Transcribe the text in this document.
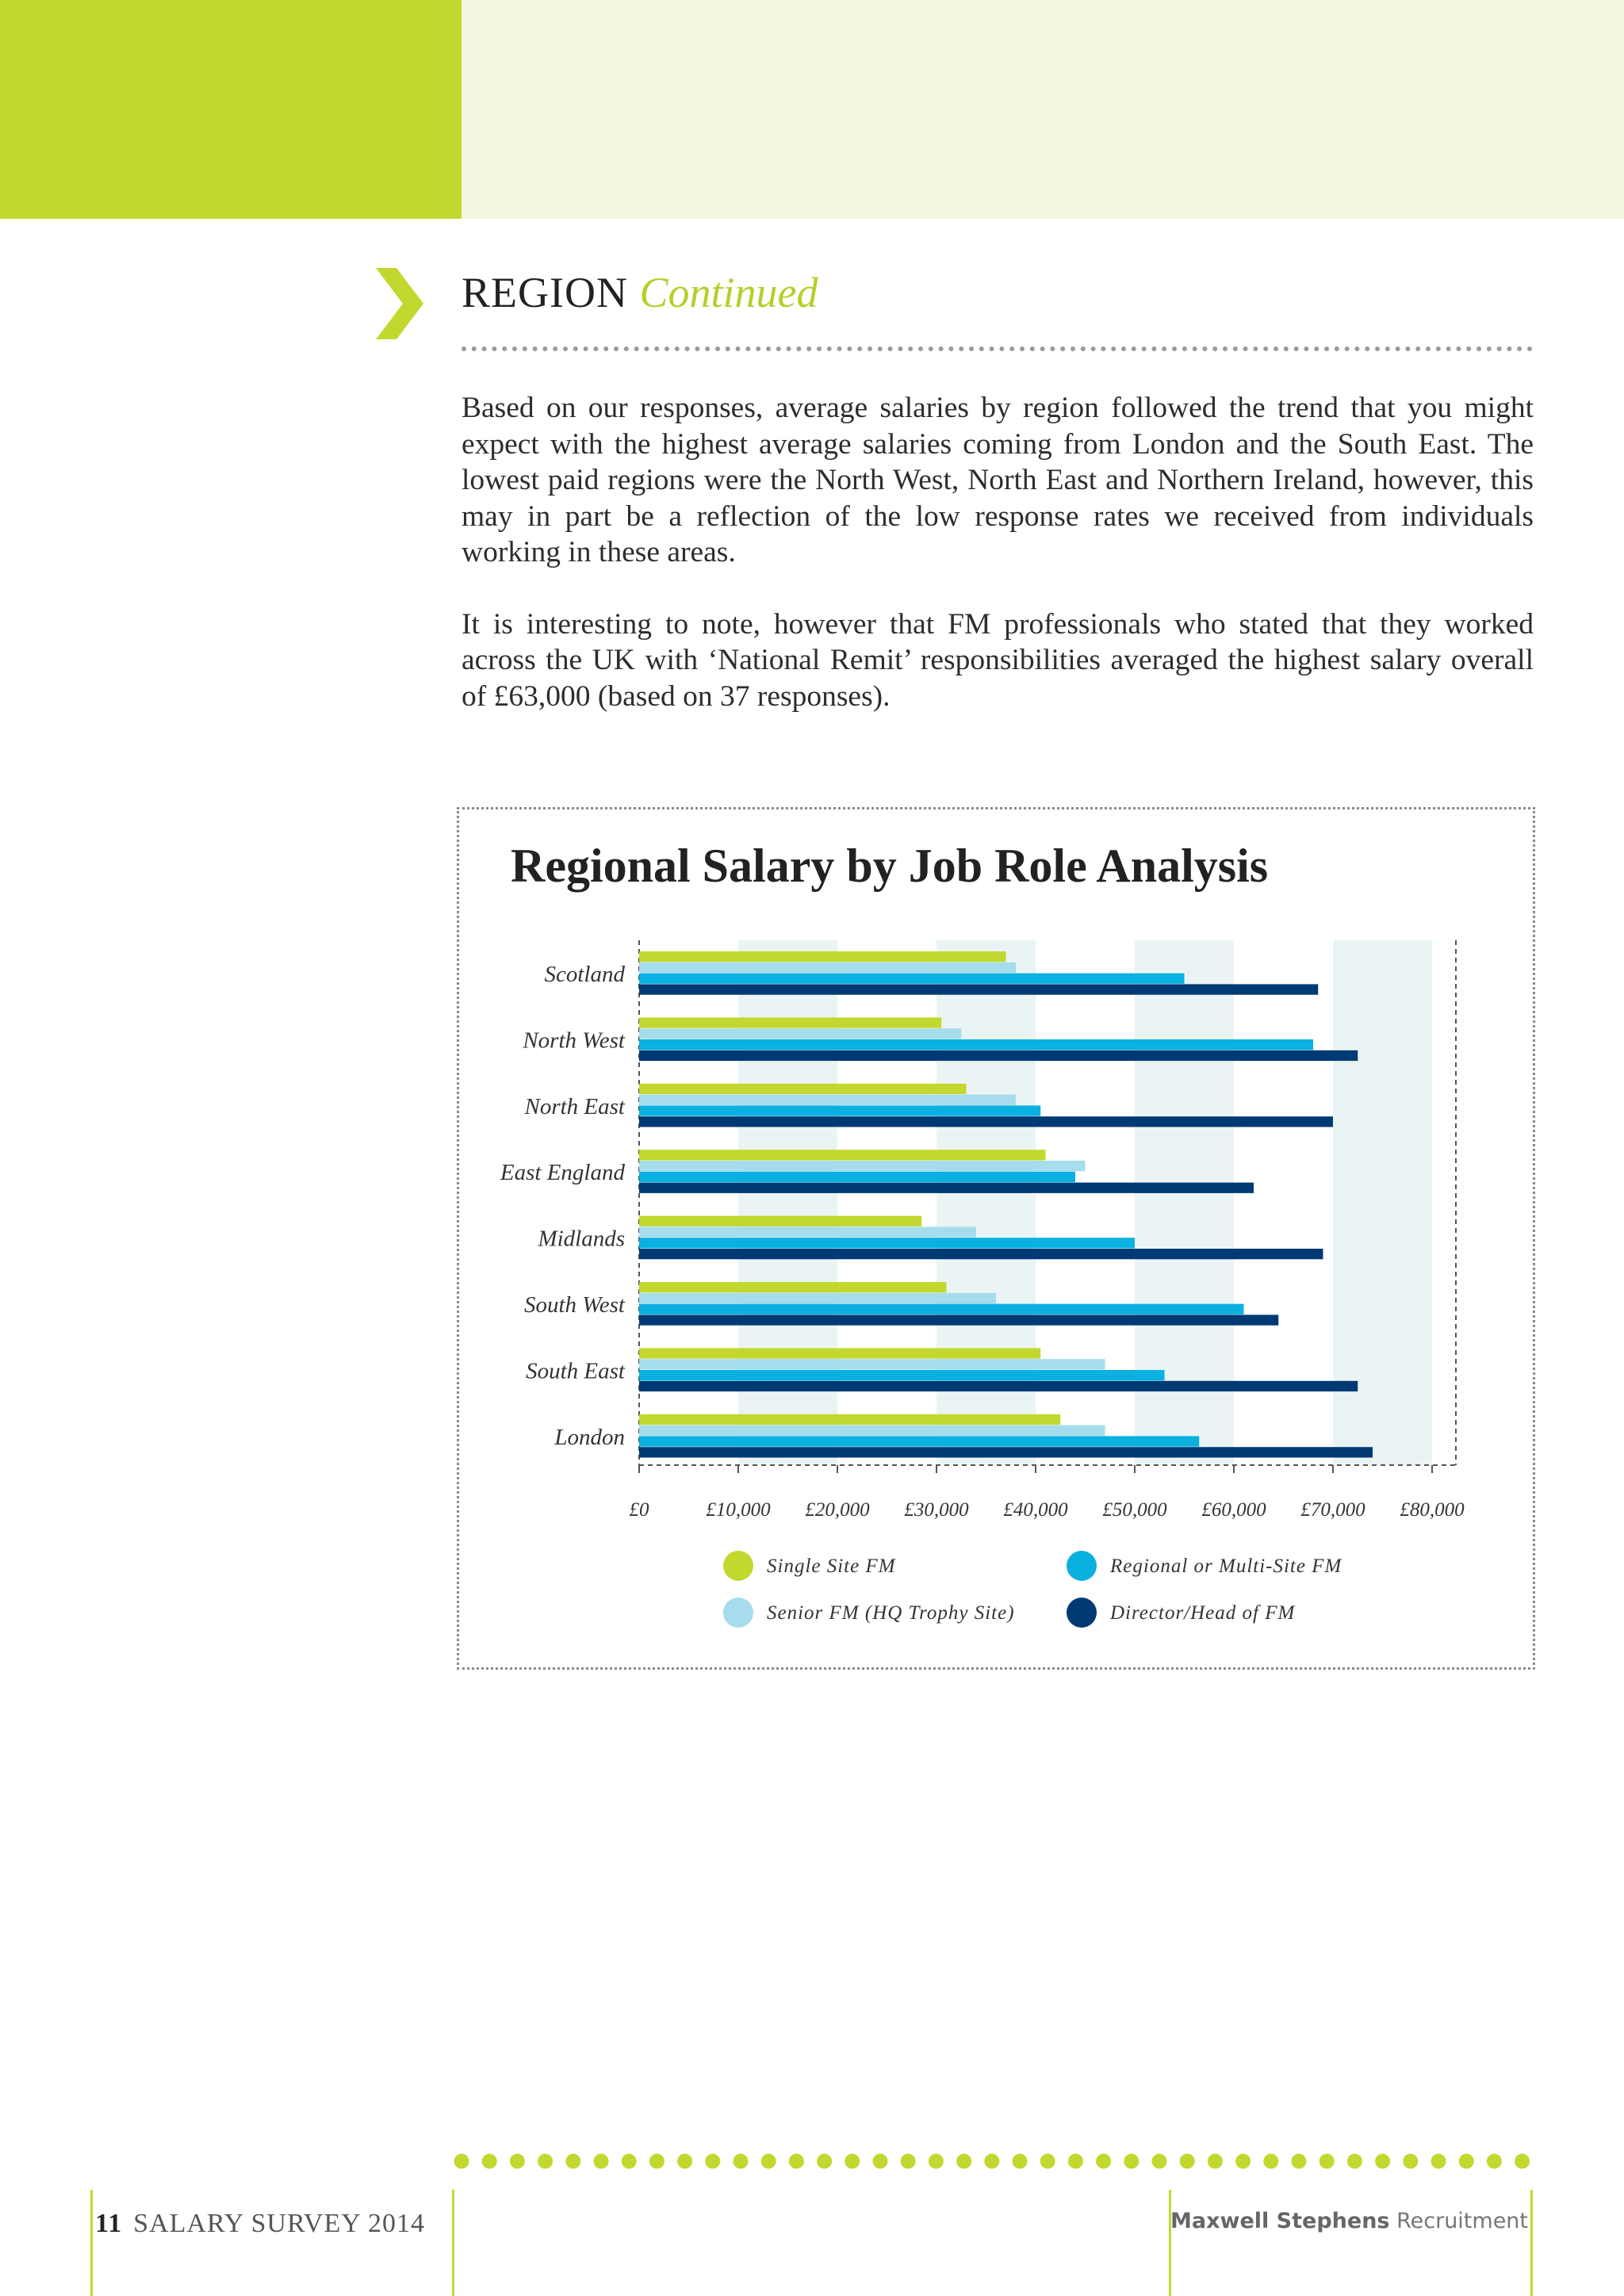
REGION Continued

Based on our responses, average salaries by region followed the trend that you might expect with the highest average salaries coming from London and the South East. The lowest paid regions were the North West, North East and Northern Ireland, however, this may in part be a reflection of the low response rates we received from individuals working in these areas.

It is interesting to note, however that FM professionals who stated that they worked across the UK with ‘National Remit’ responsibilities averaged the highest salary overall of £63,000 (based on 37 responses).

Regional Salary by Job Role Analysis
£0	£10,000 £20,000 £30,000 £40,000 £50,000 £60,000 £70,000 £80,000
Scotland
North West
North East
East England
Midlands
South West
South East
London
Single Site FM
Senior FM (HQ Trophy Site)
Regional or Multi-Site FM
Director/Head of FM
11 SALARY SURVEY 2014	Maxwell Stephens Recruitment
